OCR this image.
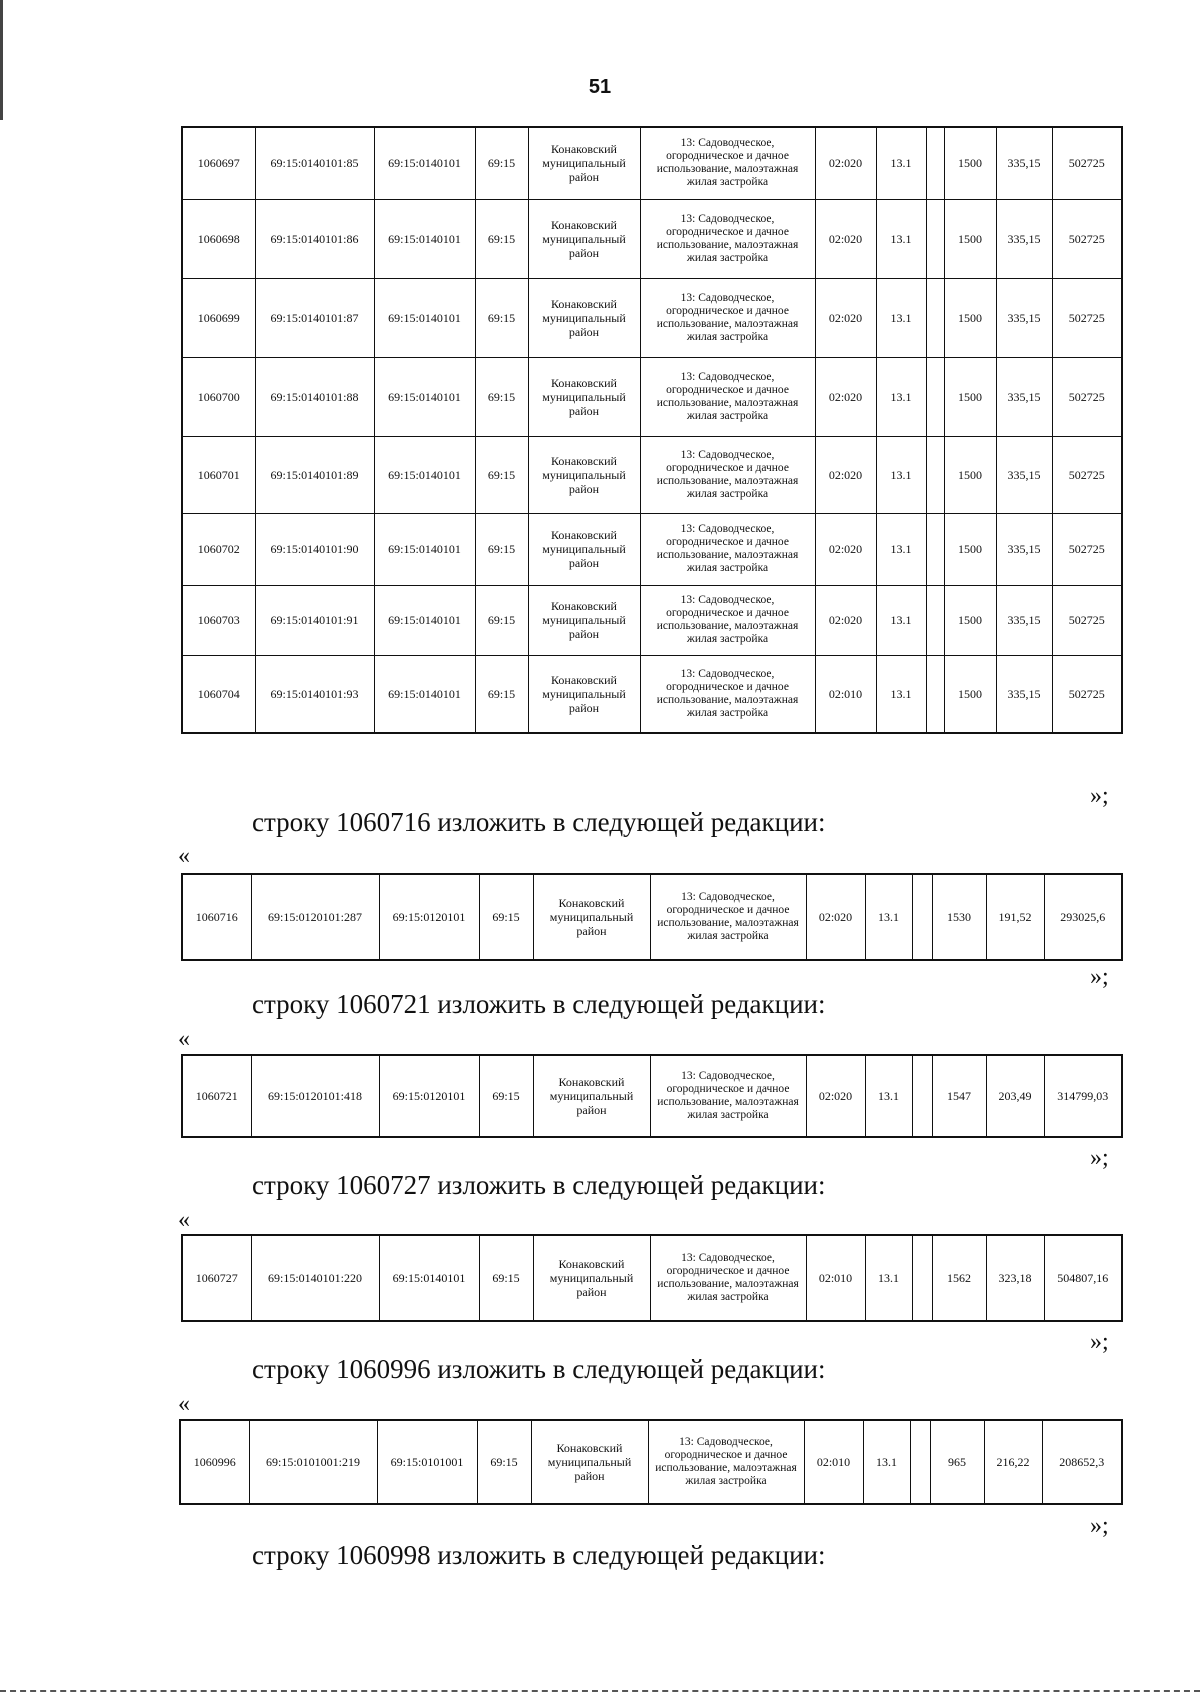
51
1060697	69:15:0140101:85	69:15:0140101	69:15	Конаковский муниципальный район	13: Садоводческое, огородническое и дачное использование, малоэтажная жилая застройка	02:020	13.1		1500	335,15	502725
1060698	69:15:0140101:86	69:15:0140101	69:15	Конаковский муниципальный район	13: Садоводческое, огородническое и дачное использование, малоэтажная жилая застройка	02:020	13.1		1500	335,15	502725
1060699	69:15:0140101:87	69:15:0140101	69:15	Конаковский муниципальный район	13: Садоводческое, огородническое и дачное использование, малоэтажная жилая застройка	02:020	13.1		1500	335,15	502725
1060700	69:15:0140101:88	69:15:0140101	69:15	Конаковский муниципальный район	13: Садоводческое, огородническое и дачное использование, малоэтажная жилая застройка	02:020	13.1		1500	335,15	502725
1060701	69:15:0140101:89	69:15:0140101	69:15	Конаковский муниципальный район	13: Садоводческое, огородническое и дачное использование, малоэтажная жилая застройка	02:020	13.1		1500	335,15	502725
1060702	69:15:0140101:90	69:15:0140101	69:15	Конаковский муниципальный район	13: Садоводческое, огородническое и дачное использование, малоэтажная жилая застройка	02:020	13.1		1500	335,15	502725
1060703	69:15:0140101:91	69:15:0140101	69:15	Конаковский муниципальный район	13: Садоводческое, огородническое и дачное использование, малоэтажная жилая застройка	02:020	13.1		1500	335,15	502725
1060704	69:15:0140101:93	69:15:0140101	69:15	Конаковский муниципальный район	13: Садоводческое, огородническое и дачное использование, малоэтажная жилая застройка	02:010	13.1		1500	335,15	502725
»;
строку 1060716 изложить в следующей редакции:
«
1060716	69:15:0120101:287	69:15:0120101	69:15	Конаковский муниципальный район	13: Садоводческое, огородническое и дачное использование, малоэтажная жилая застройка	02:020	13.1		1530	191,52	293025,6
»;
строку 1060721 изложить в следующей редакции:
«
1060721	69:15:0120101:418	69:15:0120101	69:15	Конаковский муниципальный район	13: Садоводческое, огородническое и дачное использование, малоэтажная жилая застройка	02:020	13.1		1547	203,49	314799,03
»;
строку 1060727 изложить в следующей редакции:
«
1060727	69:15:0140101:220	69:15:0140101	69:15	Конаковский муниципальный район	13: Садоводческое, огородническое и дачное использование, малоэтажная жилая застройка	02:010	13.1		1562	323,18	504807,16
»;
строку 1060996 изложить в следующей редакции:
«
1060996	69:15:0101001:219	69:15:0101001	69:15	Конаковский муниципальный район	13: Садоводческое, огородническое и дачное использование, малоэтажная жилая застройка	02:010	13.1		965	216,22	208652,3
»;
строку 1060998 изложить в следующей редакции:
